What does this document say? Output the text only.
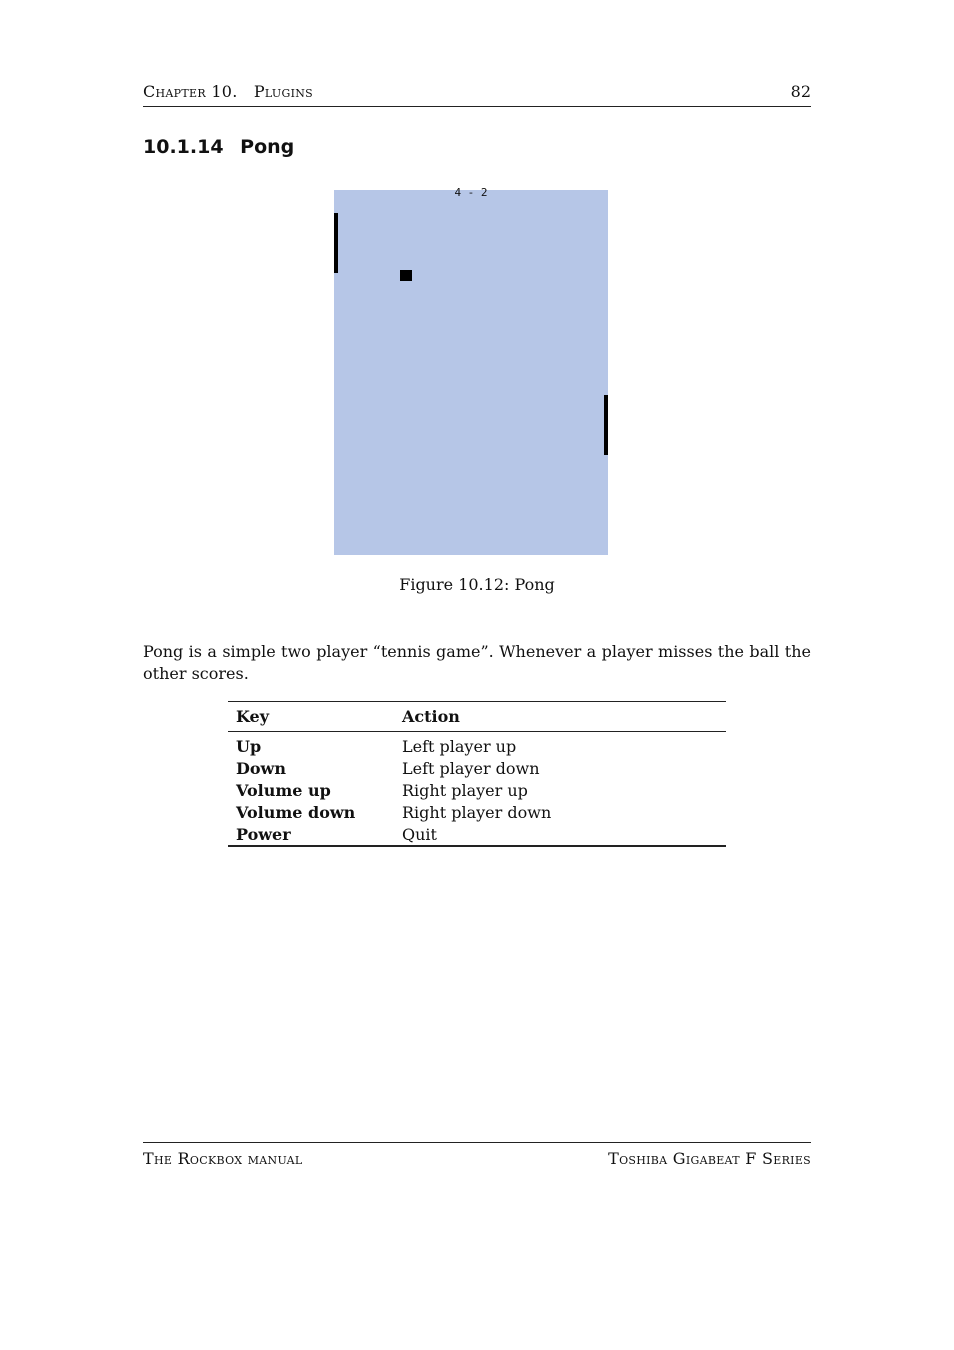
Chapter 10. Plugins	82
10.1.14 Pong
4 - 2
Figure 10.12: Pong

Pong is a simple two player “tennis game”. Whenever a player misses the ball the other scores.

Key	Action
Up	Left player up
Down	Left player down
Volume up	Right player up
Volume down	Right player down
Power	Quit
The Rockbox manual	Toshiba Gigabeat F Series
